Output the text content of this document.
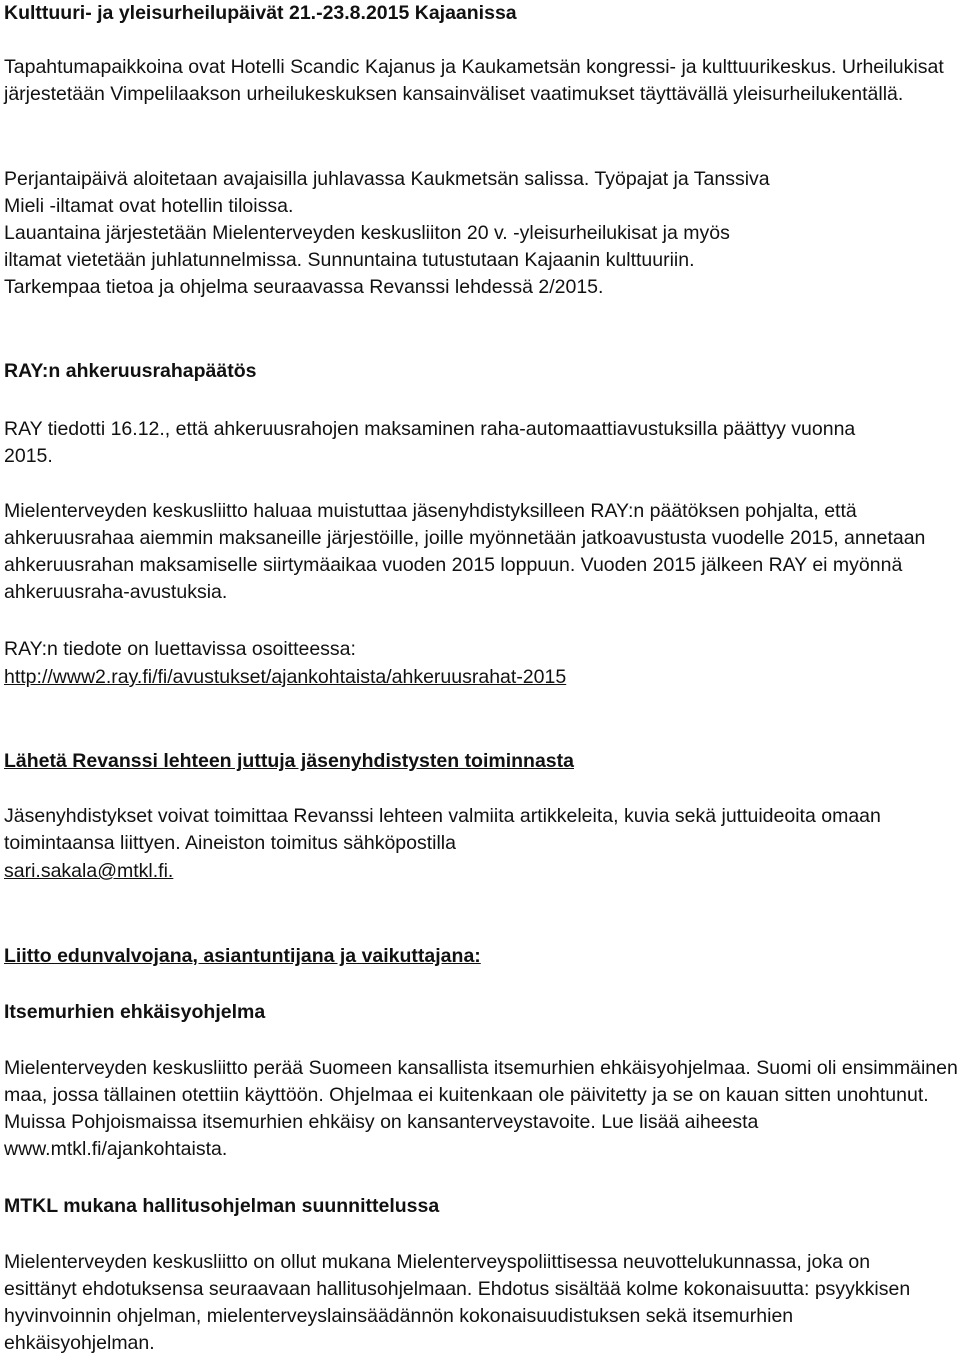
Kulttuuri- ja yleisurheilupäivät 21.-23.8.2015 Kajaanissa

Tapahtumapaikkoina ovat Hotelli Scandic Kajanus ja Kaukametsän kongressi- ja kulttuurikeskus. Urheilukisat järjestetään Vimpelilaakson urheilukeskuksen kansainväliset vaatimukset täyttävällä yleisurheilukentällä.

Perjantaipäivä aloitetaan avajaisilla juhlavassa Kaukmetsän salissa. Työpajat ja Tanssiva

Mieli -iltamat ovat hotellin tiloissa.

Lauantaina järjestetään Mielenterveyden keskusliiton 20 v. -yleisurheilukisat ja myös

iltamat vietetään juhlatunnelmissa. Sunnuntaina tutustutaan Kajaanin kulttuuriin.

Tarkempaa tietoa ja ohjelma seuraavassa Revanssi lehdessä 2/2015.

RAY:n ahkeruusrahapäätös

RAY tiedotti 16.12., että ahkeruusrahojen maksaminen raha-automaattiavustuksilla päättyy vuonna 2015.

Mielenterveyden keskusliitto haluaa muistuttaa jäsenyhdistyksilleen RAY:n päätöksen pohjalta, että ahkeruusrahaa aiemmin maksaneille järjestöille, joille myönnetään jatkoavustusta vuodelle 2015, annetaan ahkeruusrahan maksamiselle siirtymäaikaa vuoden 2015 loppuun. Vuoden 2015 jälkeen RAY ei myönnä ahkeruusraha-avustuksia.

RAY:n tiedote on luettavissa osoitteessa:

http://www2.ray.fi/fi/avustukset/ajankohtaista/ahkeruusrahat-2015

Lähetä Revanssi lehteen juttuja jäsenyhdistysten toiminnasta

Jäsenyhdistykset voivat toimittaa Revanssi lehteen valmiita artikkeleita, kuvia sekä juttuideoita omaan toimintaansa liittyen. Aineiston toimitus sähköpostilla

sari.sakala@mtkl.fi.

Liitto edunvalvojana, asiantuntijana ja vaikuttajana:

Itsemurhien ehkäisyohjelma

Mielenterveyden keskusliitto perää Suomeen kansallista itsemurhien ehkäisyohjelmaa. Suomi oli ensimmäinen maa, jossa tällainen otettiin käyttöön. Ohjelmaa ei kuitenkaan ole päivitetty ja se on kauan sitten unohtunut. Muissa Pohjoismaissa itsemurhien ehkäisy on kansanterveystavoite. Lue lisää aiheesta www.mtkl.fi/ajankohtaista.

MTKL mukana hallitusohjelman suunnittelussa

Mielenterveyden keskusliitto on ollut mukana Mielenterveyspoliittisessa neuvottelukunnassa, joka on esittänyt ehdotuksensa seuraavaan hallitusohjelmaan. Ehdotus sisältää kolme kokonaisuutta: psyykkisen hyvinvoinnin ohjelman, mielenterveyslainsäädännön kokonaisuudistuksen sekä itsemurhien ehkäisyohjelman.
